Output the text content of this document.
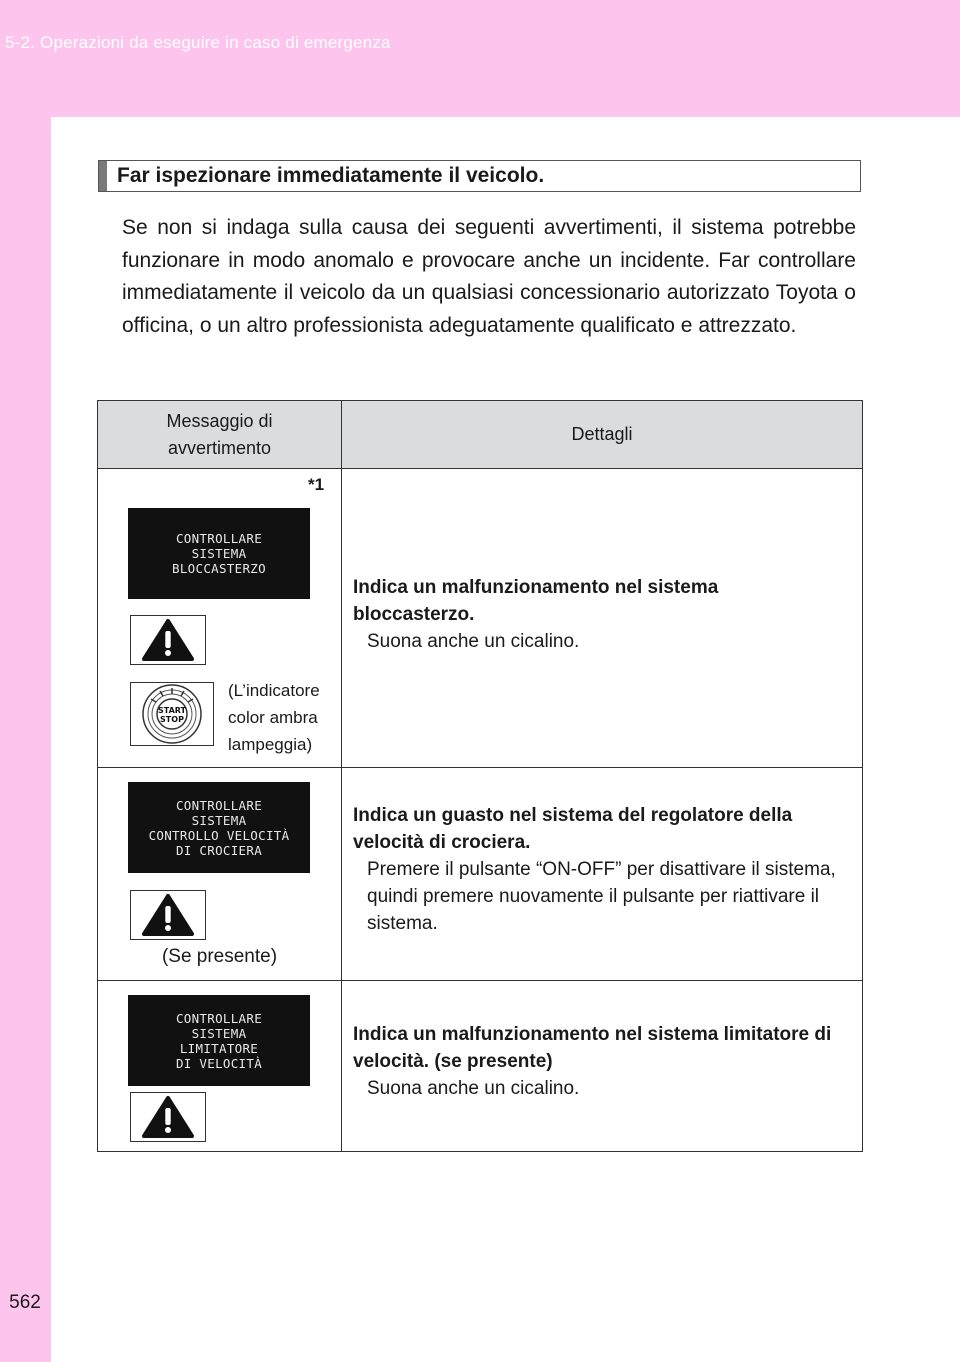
5-2. Operazioni da eseguire in caso di emergenza
562
Far ispezionare immediatamente il veicolo.
Se non si indaga sulla causa dei seguenti avvertimenti, il sistema potrebbe funzionare in modo anomalo e provocare anche un incidente. Far controllare immediatamente il veicolo da un qualsiasi concessionario autorizzato Toyota o officina, o un altro professionista adeguatamente qualificato e attrezzato.
Messaggio di
avvertimento
Dettagli
*1
CONTROLLARE
SISTEMA
BLOCCASTERZO
START
STOP
(L’indicatore
color ambra
lampeggia)
Indica un malfunzionamento nel sistema bloccasterzo.
Suona anche un cicalino.
CONTROLLARE
SISTEMA
CONTROLLO VELOCITÀ
DI CROCIERA
(Se presente)
Indica un guasto nel sistema del regolatore della velocità di crociera.
Premere il pulsante “ON-OFF” per disattivare il sistema, quindi premere nuovamente il pulsante per riattivare il sistema.
CONTROLLARE
SISTEMA
LIMITATORE
DI VELOCITÀ
Indica un malfunzionamento nel sistema limitatore di velocità. (se presente)
Suona anche un cicalino.
